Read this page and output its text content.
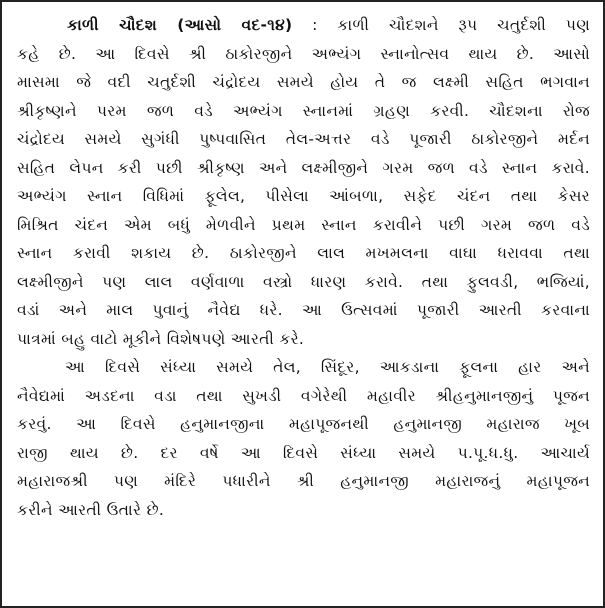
કાળી ચૌદશ (આસો વદ-૧૪) : કાળી ચૌદશને રૂપ ચતુર્દશી પણ
કહે છે. આ દિવસે શ્રી ઠાકોરજીને અભ્યંગ સ્નાનોત્સવ થાય છે. આસો
માસમા જે વદી ચતુર્દશી ચંદ્રોદય સમયે હોય તે જ લક્ષ્મી સહિત ભગવાન
શ્રીકૃષ્ણને પરમ જળ વડે અભ્યંગ સ્નાનમાં ગ્રહણ કરવી. ચૌદશના રોજ
ચંદ્રોદય સમયે સુગંધી પુષ્પવાસિત તેલ-અત્તર વડે પૂજારી ઠાકોરજીને મર્દન
સહિત લેપન કરી પછી શ્રીકૃષ્ણ અને લક્ષ્મીજીને ગરમ જળ વડે સ્નાન કરાવે.
અભ્યંગ સ્નાન વિધિમાં ફૂલેલ, પીસેલા આંબળા, સફેદ ચંદન તથા કેસર
મિશ્રિત ચંદન એમ બધું મેળવીને પ્રથમ સ્નાન કરાવીને પછી ગરમ જળ વડે
સ્નાન કરાવી શકાય છે. ઠાકોરજીને લાલ મખમલના વાઘા ધરાવવા તથા
લક્ષ્મીજીને પણ લાલ વર્ણવાળા વસ્ત્રો ધારણ કરાવે. તથા ફુલવડી, ભજિયાં,
વડાં અને માલ પુવાનું નૈવેદ્ય ધરે. આ ઉત્સવમાં પૂજારી આરતી કરવાના
પાત્રમાં બહુ વાટો મૂકીને વિશેષપણે આરતી કરે.
આ દિવસે સંધ્યા સમયે તેલ, સિંદૂર, આકડાના ફૂલના હાર અને
નૈવેદ્યમાં અડદના વડા તથા સુખડી વગેરેથી મહાવીર શ્રીહનુમાનજીનું પૂજન
કરવું. આ દિવસે હનુમાનજીના મહાપૂજનથી હનુમાનજી મહારાજ ખૂબ
રાજી થાય છે. દર વર્ષે આ દિવસે સંધ્યા સમયે પ.પૂ.ધ.ધુ. આચાર્ય
મહારાજશ્રી પણ મંદિરે પધારીને શ્રી હનુમાનજી મહારાજનું મહાપૂજન
કરીને આરતી ઉતારે છે.
